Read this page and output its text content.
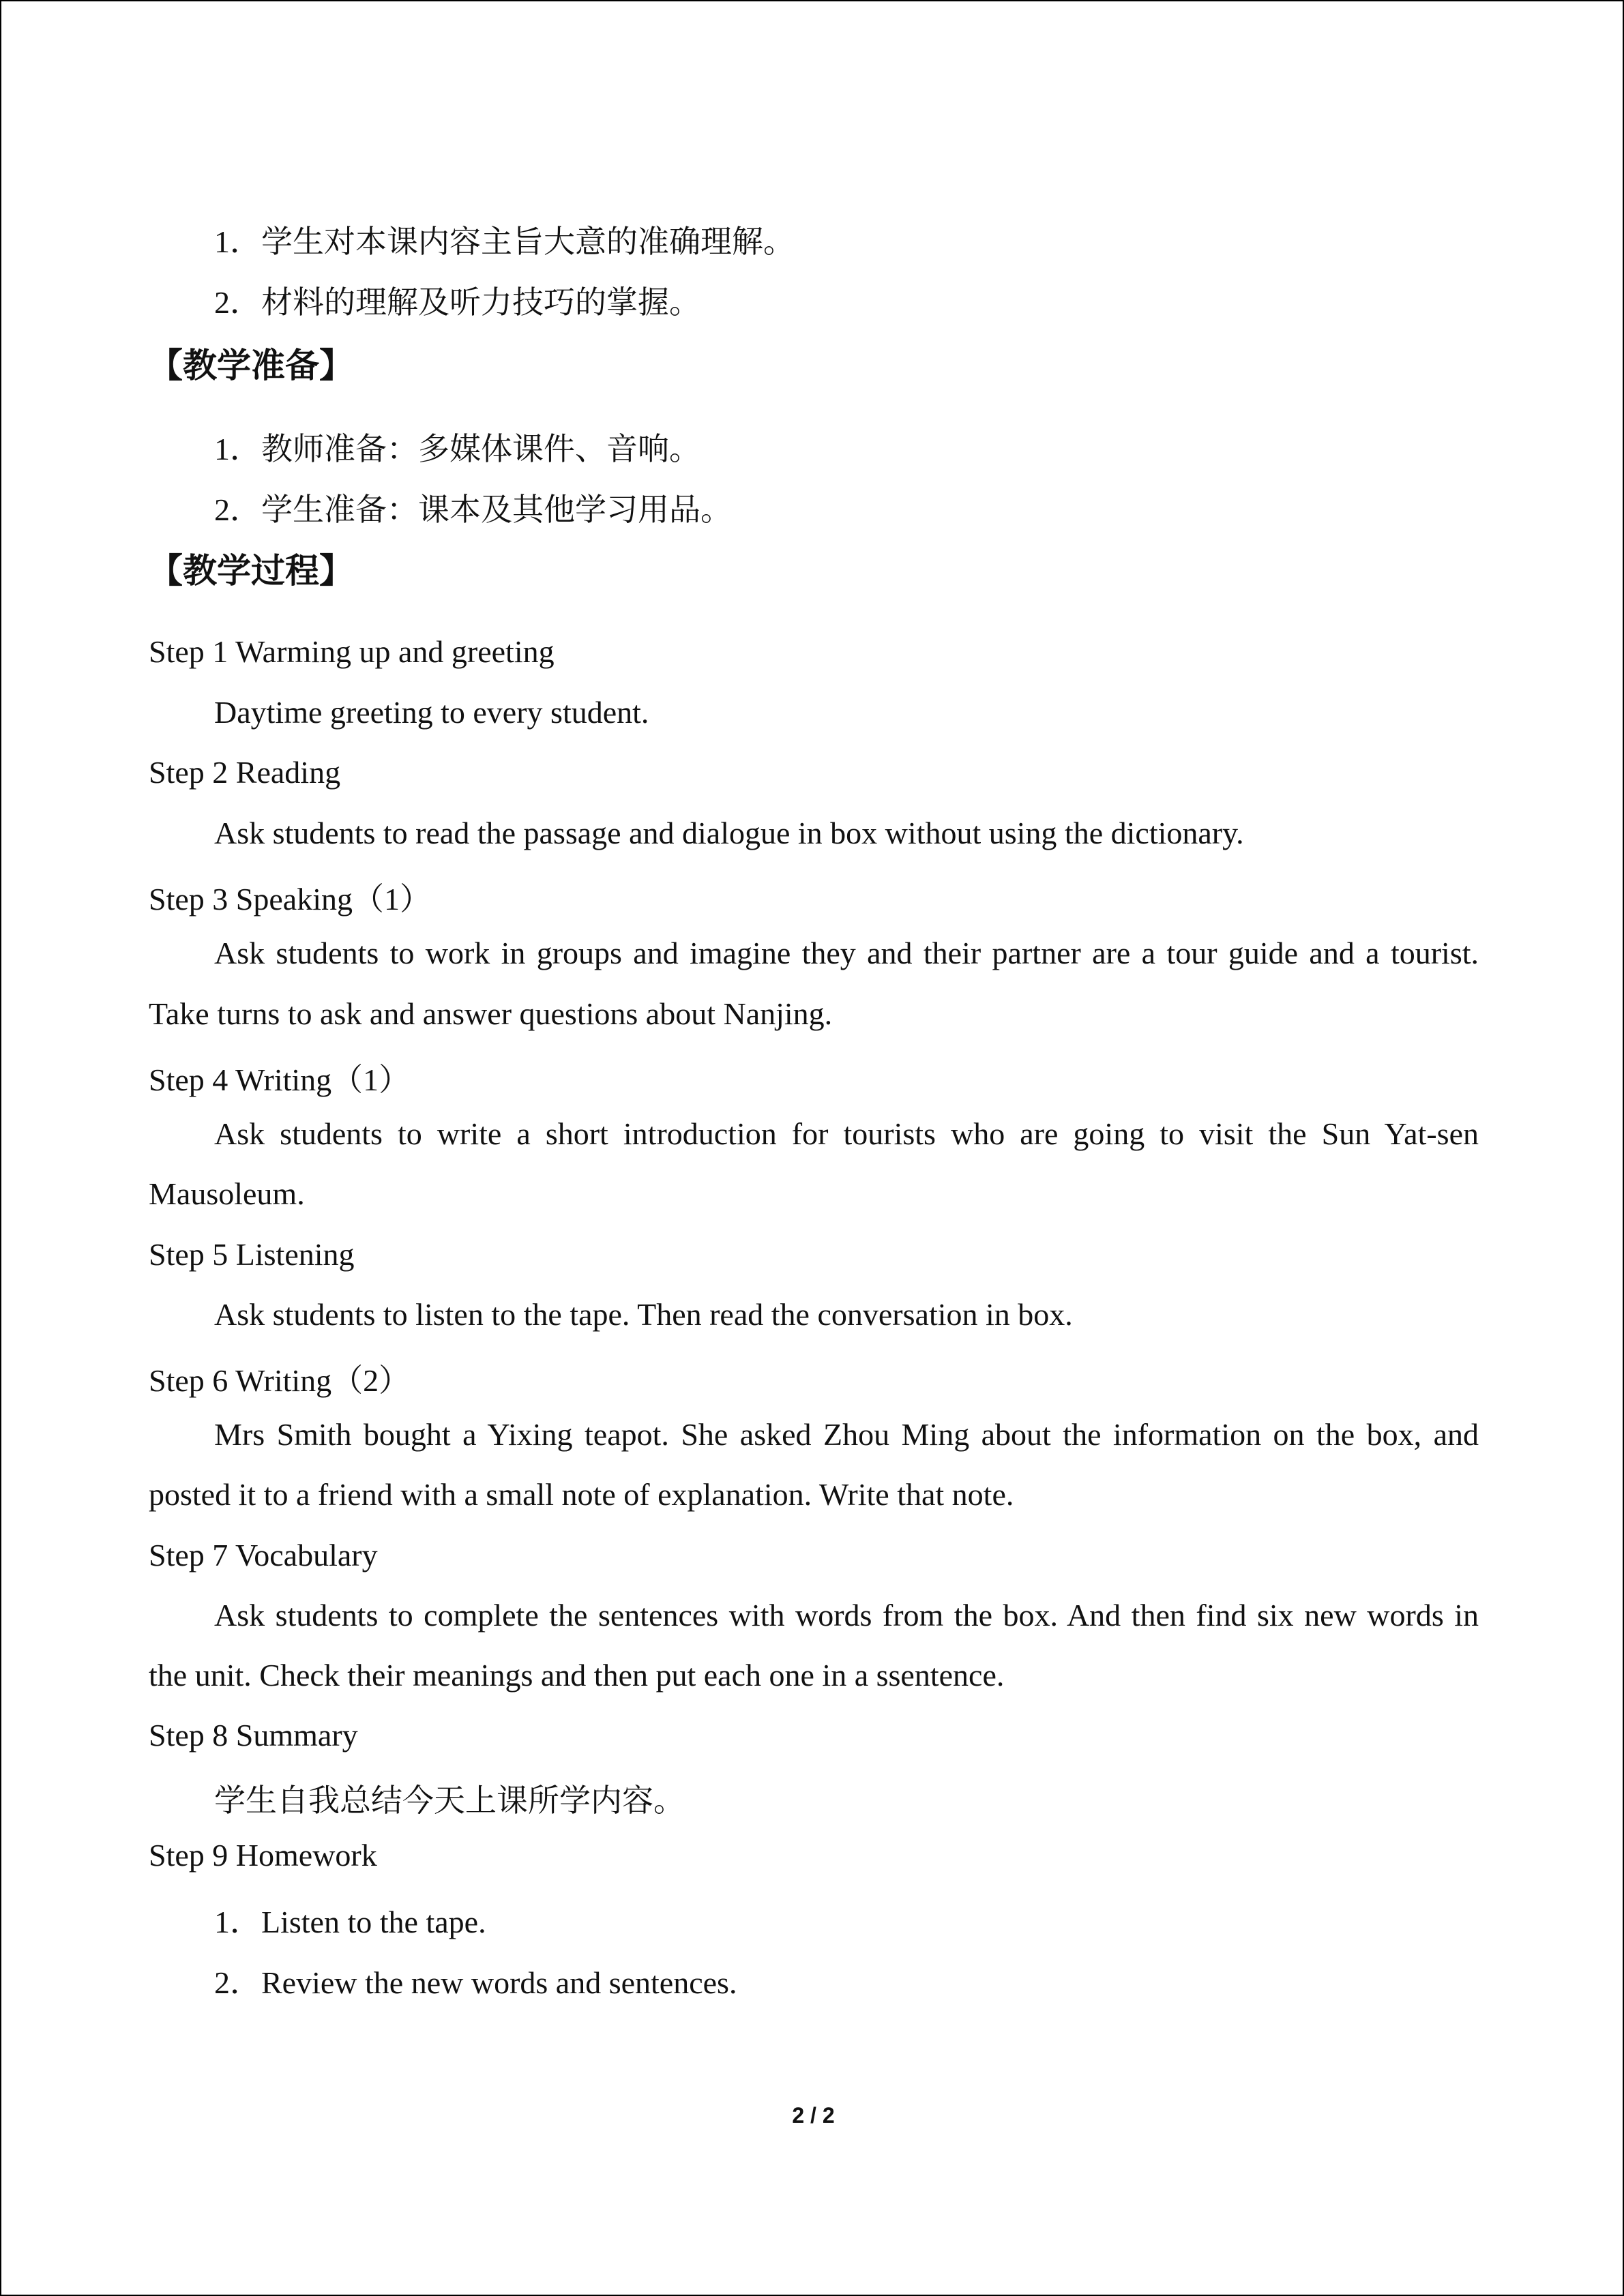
1．学生对本课内容主旨大意的准确理解。
2．材料的理解及听力技巧的掌握。
【教学准备】
1．教师准备：多媒体课件、音响。
2．学生准备：课本及其他学习用品。
【教学过程】
Step 1 Warming up and greeting
Daytime greeting to every student.
Step 2 Reading
Ask students to read the passage and dialogue in box without using the dictionary.
Step 3 Speaking（1）
Ask students to work in groups and imagine they and their partner are a tour guide and a tourist.
Take turns to ask and answer questions about Nanjing.
Step 4 Writing（1）
Ask students to write a short introduction for tourists who are going to visit the Sun Yat-sen
Mausoleum.
Step 5 Listening
Ask students to listen to the tape. Then read the conversation in box.
Step 6 Writing（2）
Mrs Smith bought a Yixing teapot. She asked Zhou Ming about the information on the box, and
posted it to a friend with a small note of explanation. Write that note.
Step 7 Vocabulary
Ask students to complete the sentences with words from the box. And then find six new words in
the unit. Check their meanings and then put each one in a ssentence.
Step 8 Summary
学生自我总结今天上课所学内容。
Step 9 Homework
1．Listen to the tape.
2．Review the new words and sentences.
2 / 2
